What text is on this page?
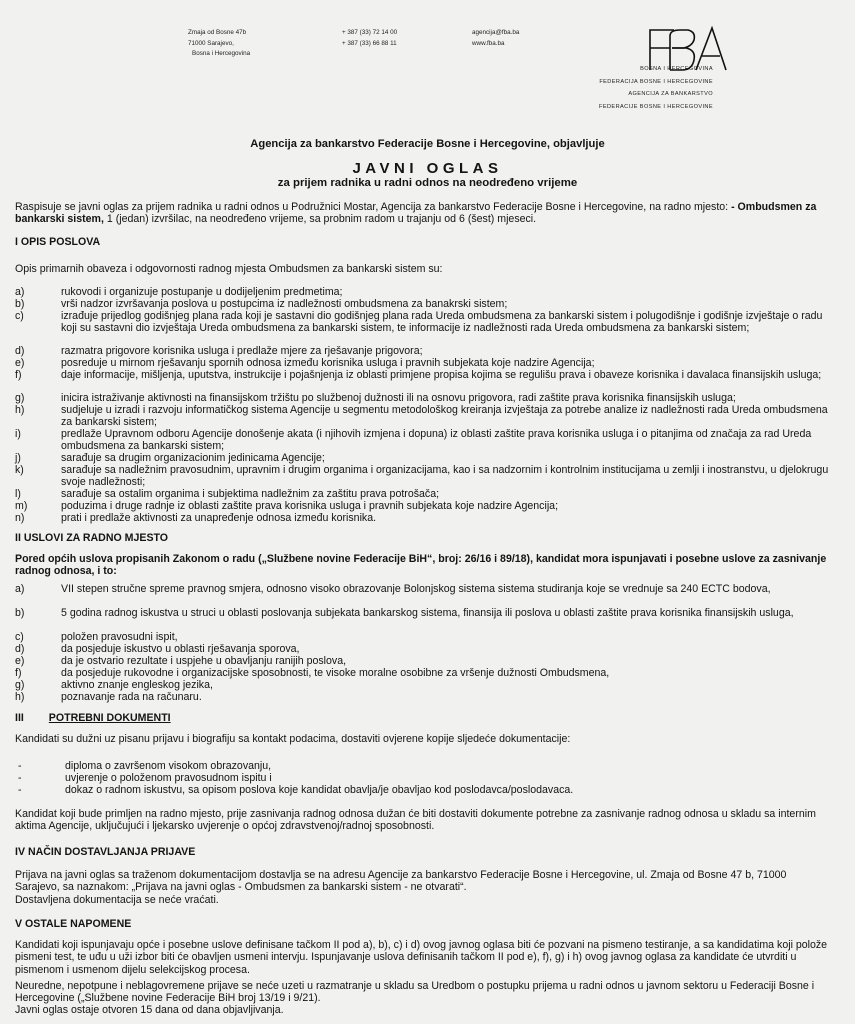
Zmaja od Bosne 47b
71000 Sarajevo,
Bosna i Hercegovina
+ 387 (33) 72 14 00
+ 387 (33) 66 88 11
agencija@fba.ba
www.fba.ba
BOSNA I HERCEGOVINA
FEDERACIJA BOSNE I HERCEGOVINE
AGENCIJA ZA BANKARSTVO
FEDERACIJE BOSNE I HERCEGOVINE
Agencija za bankarstvo Federacije Bosne i Hercegovine, objavljuje
JAVNI OGLAS
za prijem radnika u radni odnos na neodređeno vrijeme
Raspisuje se javni oglas za prijem radnika u radni odnos u Podružnici Mostar, Agencija za bankarstvo Federacije Bosne i Hercegovine, na radno mjesto: - Ombudsmen za bankarski sistem, 1 (jedan) izvršilac, na neodređeno vrijeme, sa probnim radom u trajanju od 6 (šest) mjeseci.
I OPIS POSLOVA
Opis primarnih obaveza i odgovornosti radnog mjesta Ombudsmen za bankarski sistem su:
a)	rukovodi i organizuje postupanje u dodijeljenim predmetima;
b)	vrši nadzor izvršavanja poslova u postupcima iz nadležnosti ombudsmena za banakrski sistem;
c)	izrađuje prijedlog godišnjeg plana rada koji je sastavni dio godišnjeg plana rada Ureda ombudsmena za bankarski sistem i polugodišnje i godišnje izvještaje o radu koji su sastavni dio izvještaja Ureda ombudsmena za bankarski sistem, te informacije iz nadležnosti rada Ureda ombudsmena za bankarski sistem;
d)	razmatra prigovore korisnika usluga i predlaže mjere za rješavanje prigovora;
e)	posreduje u mirnom rješavanju spornih odnosa između korisnika usluga i pravnih subjekata koje nadzire Agencija;
f)	daje informacije, mišljenja, uputstva, instrukcije i pojašnjenja iz oblasti primjene propisa kojima se regulišu prava i obaveze korisnika i davalaca finansijskih usluga;
g)	inicira istraživanje aktivnosti na finansijskom tržištu po službenoj dužnosti ili na osnovu prigovora, radi zaštite prava korisnika finansijskih usluga;
h)	sudjeluje u izradi i razvoju informatičkog sistema Agencije u segmentu metodološkog kreiranja izvještaja za potrebe analize iz nadležnosti rada Ureda ombudsmena za bankarski sistem;
i)	predlaže Upravnom odboru Agencije donošenje akata (i njihovih izmjena i dopuna) iz oblasti zaštite prava korisnika usluga i o pitanjima od značaja za rad Ureda ombudsmena za bankarski sistem;
j)	sarađuje sa drugim organizacionim jedinicama Agencije;
k)	sarađuje sa nadležnim pravosudnim, upravnim i drugim organima i organizacijama, kao i sa nadzornim i kontrolnim institucijama u zemlji i inostranstvu, u djelokrugu svoje nadležnosti;
l)	sarađuje sa ostalim organima i subjektima nadležnim za zaštitu prava potrošača;
m)	poduzima i druge radnje iz oblasti zaštite prava korisnika usluga i pravnih subjekata koje nadzire Agencija;
n)	prati i predlaže aktivnosti za unapređenje odnosa između korisnika.
II USLOVI ZA RADNO MJESTO
Pored općih uslova propisanih Zakonom o radu („Službene novine Federacije BiH“, broj: 26/16 i 89/18), kandidat mora ispunjavati i posebne uslove za zasnivanje radnog odnosa, i to:
a)	VII stepen stručne spreme pravnog smjera, odnosno visoko obrazovanje Bolonjskog sistema sistema studiranja koje se vrednuje sa 240 ECTC bodova,
b)	5 godina radnog iskustva u struci u oblasti poslovanja subjekata bankarskog sistema, finansija ili poslova u oblasti zaštite prava korisnika finansijskih usluga,
c)	položen pravosudni ispit,
d)	da posjeduje iskustvo u oblasti rješavanja sporova,
e)	da je ostvario rezultate i uspjehe u obavljanju ranijih poslova,
f)	da posjeduje rukovodne i organizacijske sposobnosti, te visoke moralne osobibne za vršenje dužnosti Ombudsmena,
g)	aktivno znanje engleskog jezika,
h)	poznavanje rada na računaru.
III POTREBNI DOKUMENTI
Kandidati su dužni uz pisanu prijavu i biografiju sa kontakt podacima, dostaviti ovjerene kopije sljedeće dokumentacije:
-	diploma o završenom visokom obrazovanju,
-	uvjerenje o položenom pravosudnom ispitu i
-	dokaz o radnom iskustvu, sa opisom poslova koje kandidat obavlja/je obavljao kod poslodavca/poslodavaca.
Kandidat koji bude primljen na radno mjesto, prije zasnivanja radnog odnosa dužan će biti dostaviti dokumente potrebne za zasnivanje radnog odnosa u skladu sa internim aktima Agencije, uključujući i ljekarsko uvjerenje o općoj zdravstvenoj/radnoj sposobnosti.
IV NAČIN DOSTAVLJANJA PRIJAVE
Prijava na javni oglas sa traženom dokumentacijom dostavlja se na adresu Agencije za bankarstvo Federacije Bosne i Hercegovine, ul. Zmaja od Bosne 47 b, 71000 Sarajevo, sa naznakom: „Prijava na javni oglas - Ombudsmen za bankarski sistem - ne otvarati“.
Dostavljena dokumentacija se neće vraćati.
V OSTALE NAPOMENE
Kandidati koji ispunjavaju opće i posebne uslove definisane tačkom II pod a), b), c) i d) ovog javnog oglasa biti će pozvani na pismeno testiranje, a sa kandidatima koji polože pismeni test, te uđu u uži izbor biti će obavljen usmeni intervju. Ispunjavanje uslova definisanih tačkom II pod e), f), g) i h) ovog javnog oglasa za kandidate će utvrditi u pismenom i usmenom dijelu selekcijskog procesa.
Neuredne, nepotpune i neblagovremene prijave se neće uzeti u razmatranje u skladu sa Uredbom o postupku prijema u radni odnos u javnom sektoru u Federaciji Bosne i Hercegovine („Službene novine Federacije BiH broj 13/19 i 9/21).
Javni oglas ostaje otvoren 15 dana od dana objavljivanja.
